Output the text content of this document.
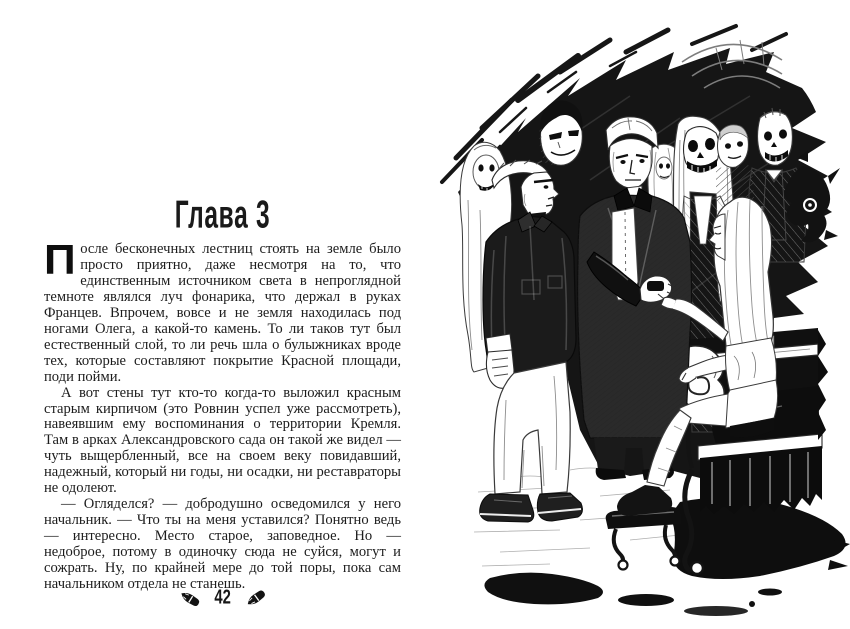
Глава 3

После бесконечных лестниц стоять на земле было просто приятно, даже несмотря на то, что единственным источником света в непроглядной темноте являлся луч фонарика, что держал в руках Францев. Впрочем, вовсе и не земля находилась под ногами Олега, а какой-то камень. То ли таков тут был естественный слой, то ли речь шла о булыжниках вроде тех, которые составляют покрытие Красной площади, поди пойми.

А вот стены тут кто-то когда-то выложил красным старым кирпичом (это Ровнин успел уже рассмотреть), навеявшим ему воспоминания о территории Кремля. Там в арках Александровского сада он такой же видел — чуть выщербленный, все на своем веку повидавший, надежный, который ни годы, ни осадки, ни реставраторы не одолеют.

— Огляделся? — добродушно осведомился у него начальник. — Что ты на меня уставился? Понятно ведь — интересно. Место старое, заповедное. Но — недоброе, потому в одиночку сюда не суйся, могут и сожрать. Ну, по крайней мере до той поры, пока сам начальником отдела не станешь.

42
